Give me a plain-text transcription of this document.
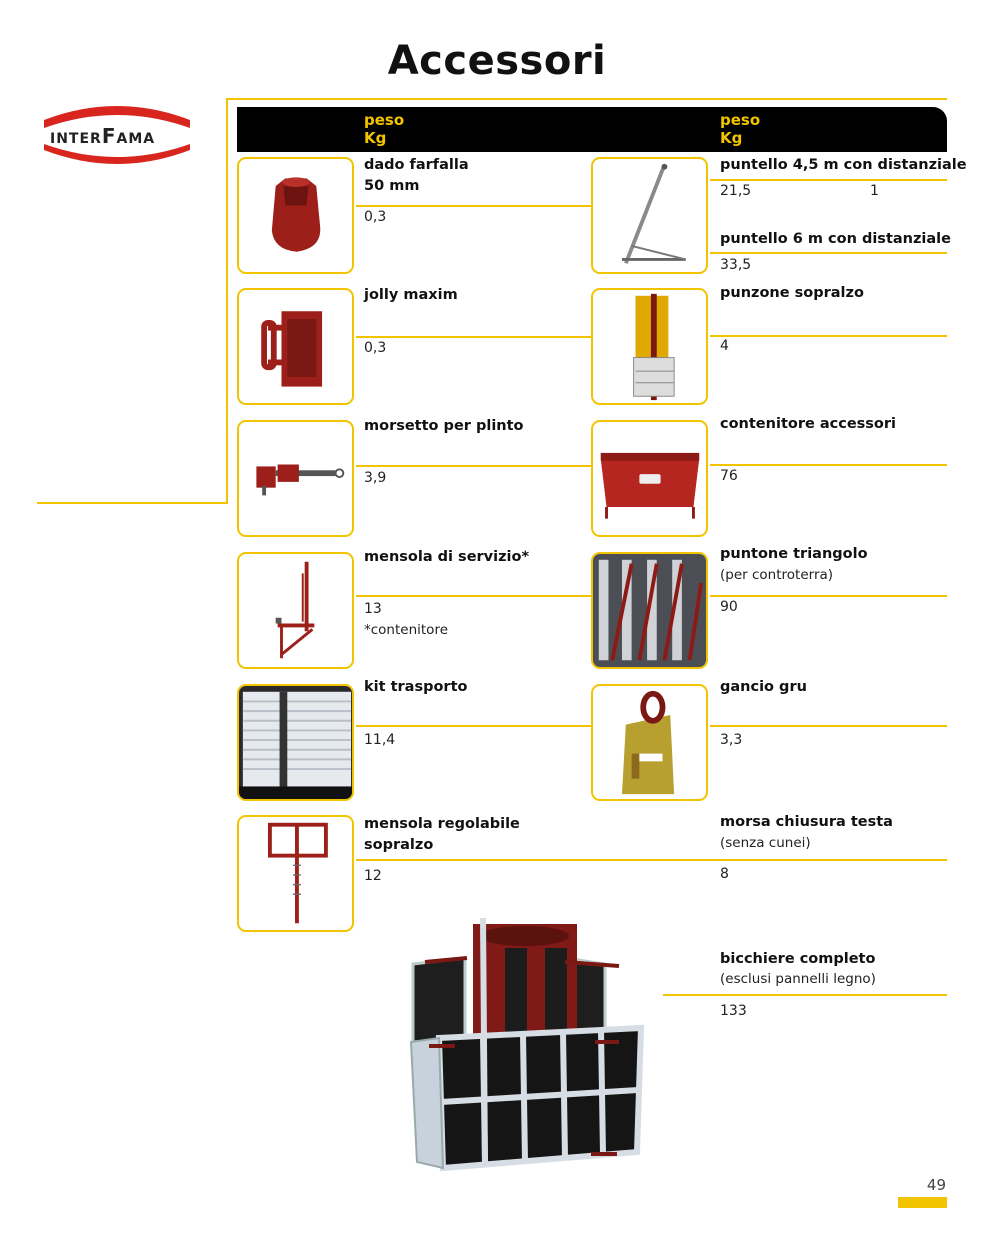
Accessori
INTERFAMA
peso
Kg
peso
Kg
dado farfalla
50 mm
0,3
jolly maxim
0,3
morsetto per plinto
3,9
mensola di servizio*
13
*contenitore
kit trasporto
11,4
mensola regolabile
sopralzo
12
puntello 4,5 m con distanziale
21,5	1
puntello 6 m con distanziale
33,5
punzone sopralzo
4
contenitore accessori
76
puntone triangolo
(per controterra)
90
gancio gru
3,3
morsa chiusura testa
(senza cunei)
8
bicchiere completo
(esclusi pannelli legno)
133
49
